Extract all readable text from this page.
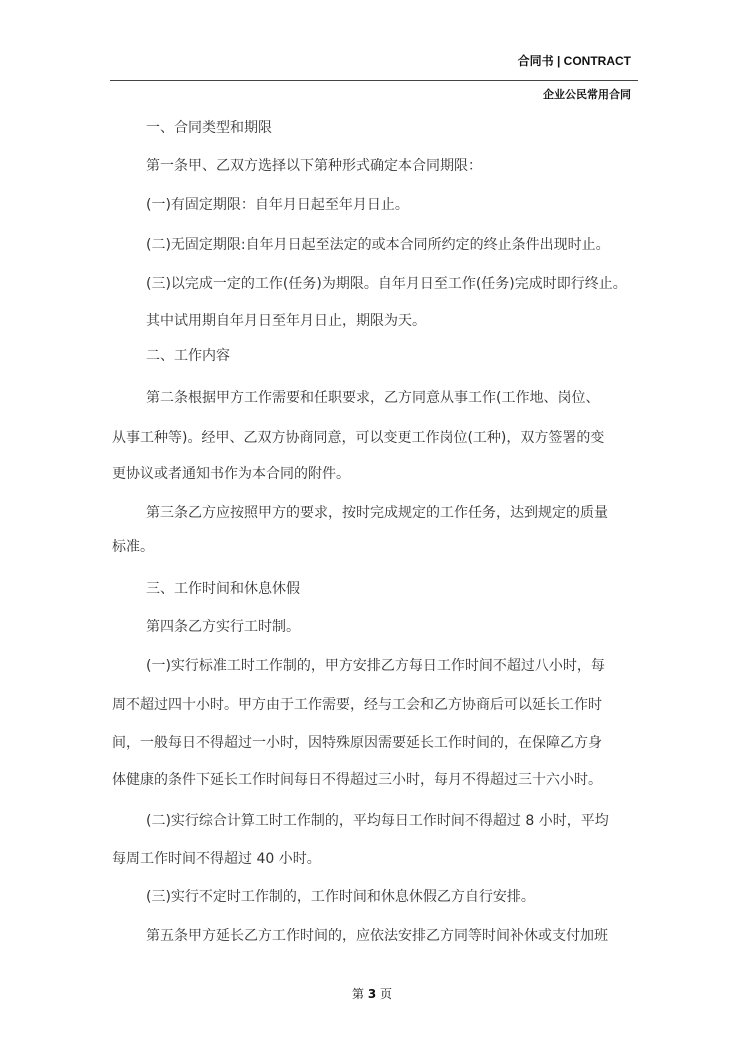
合同书 | CONTRACT
企业公民常用合同
一、合同类型和期限
第一条甲、乙双方选择以下第种形式确定本合同期限：
(一)有固定期限：自年月日起至年月日止。
(二)无固定期限:自年月日起至法定的或本合同所约定的终止条件出现时止。
(三)以完成一定的工作(任务)为期限。自年月日至工作(任务)完成时即行终止。
其中试用期自年月日至年月日止，期限为天。
二、工作内容
第二条根据甲方工作需要和任职要求，乙方同意从事工作(工作地、岗位、
从事工种等)。经甲、乙双方协商同意，可以变更工作岗位(工种)，双方签署的变
更协议或者通知书作为本合同的附件。
第三条乙方应按照甲方的要求，按时完成规定的工作任务，达到规定的质量
标准。
三、工作时间和休息休假
第四条乙方实行工时制。
(一)实行标准工时工作制的，甲方安排乙方每日工作时间不超过八小时，每
周不超过四十小时。甲方由于工作需要，经与工会和乙方协商后可以延长工作时
间，一般每日不得超过一小时，因特殊原因需要延长工作时间的，在保障乙方身
体健康的条件下延长工作时间每日不得超过三小时，每月不得超过三十六小时。
(二)实行综合计算工时工作制的，平均每日工作时间不得超过 8 小时，平均
每周工作时间不得超过 40 小时。
(三)实行不定时工作制的，工作时间和休息休假乙方自行安排。
第五条甲方延长乙方工作时间的，应依法安排乙方同等时间补休或支付加班
第 3 页
